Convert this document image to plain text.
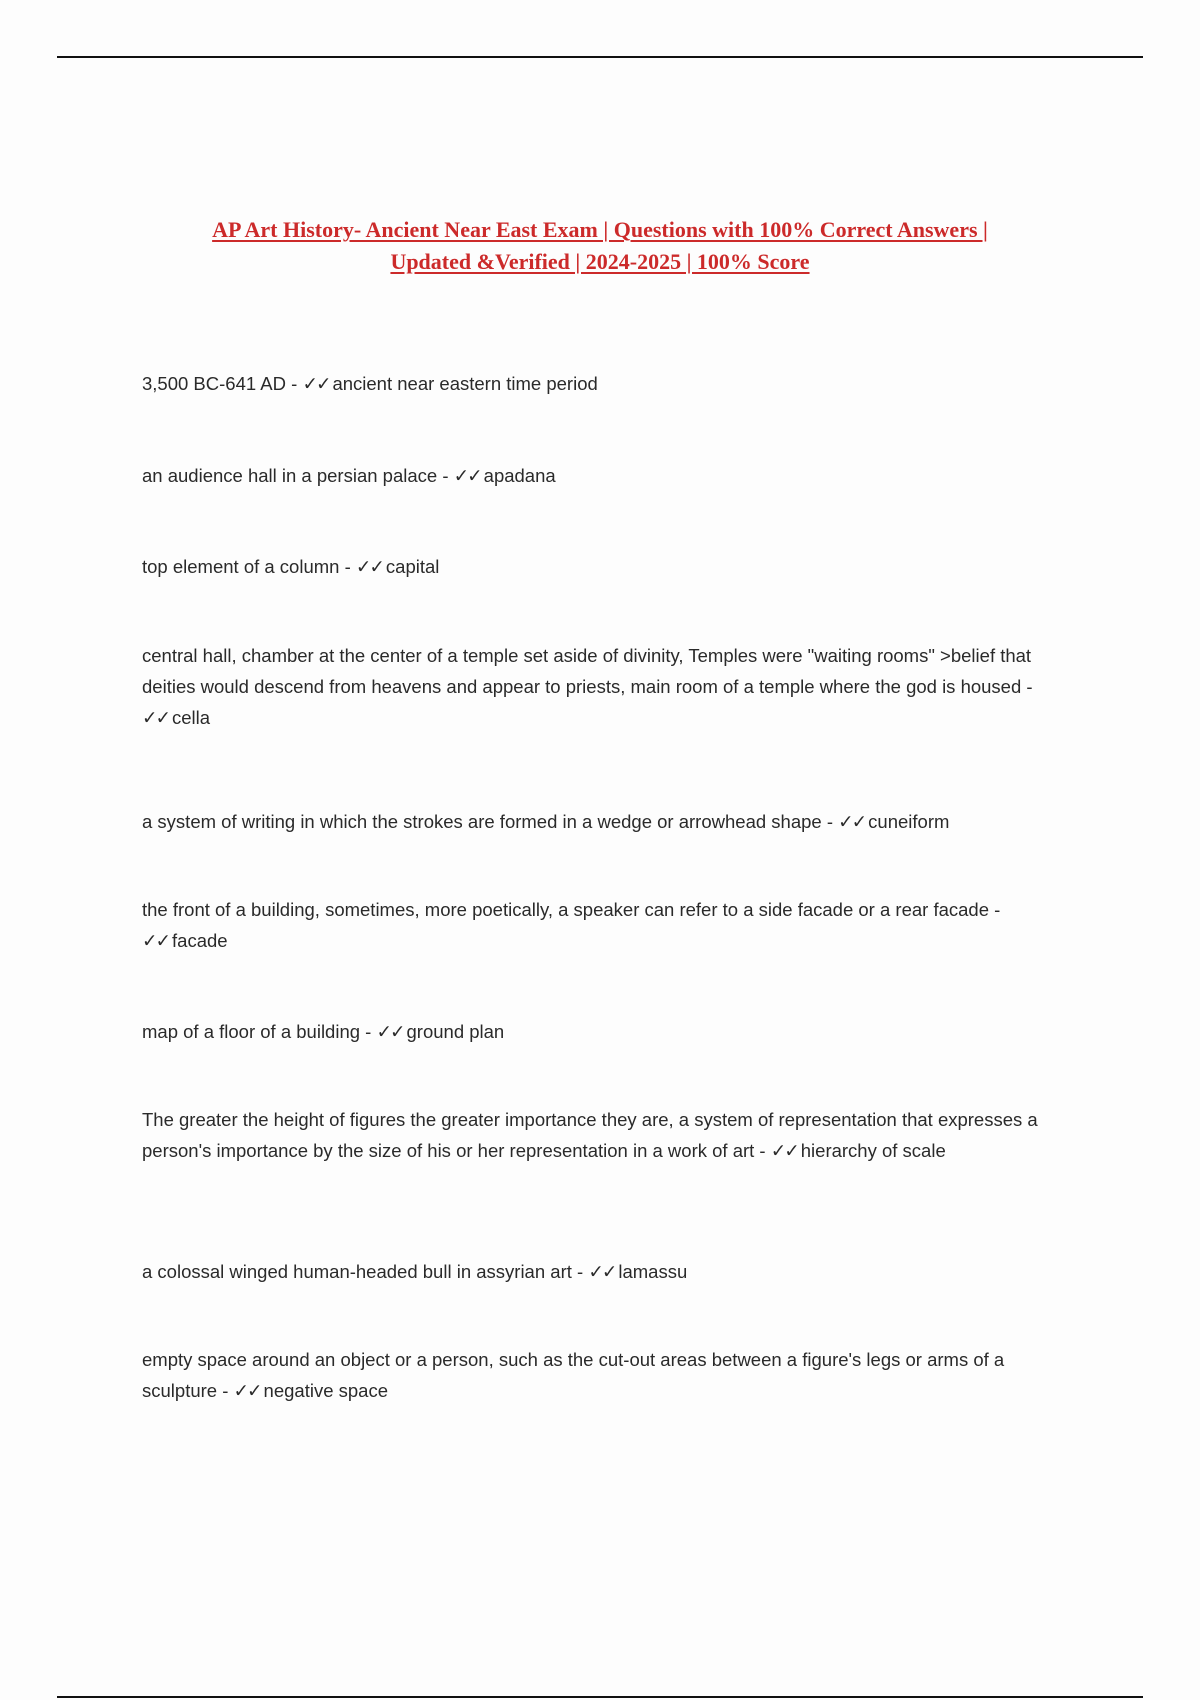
AP Art History- Ancient Near East Exam | Questions with 100% Correct Answers |
Updated &Verified | 2024-2025 | 100% Score
3,500 BC-641 AD - ✓✓ ancient near eastern time period
an audience hall in a persian palace - ✓✓ apadana
top element of a column - ✓✓ capital
central hall, chamber at the center of a temple set aside of divinity, Temples were "waiting rooms" >belief that deities would descend from heavens and appear to priests, main room of a temple where the god is housed - ✓✓ cella
a system of writing in which the strokes are formed in a wedge or arrowhead shape - ✓✓ cuneiform
the front of a building, sometimes, more poetically, a speaker can refer to a side facade or a rear facade - ✓✓ facade
map of a floor of a building - ✓✓ ground plan
The greater the height of figures the greater importance they are, a system of representation that expresses a person's importance by the size of his or her representation in a work of art - ✓✓ hierarchy of scale
a colossal winged human-headed bull in assyrian art - ✓✓ lamassu
empty space around an object or a person, such as the cut-out areas between a figure's legs or arms of a sculpture - ✓✓ negative space
